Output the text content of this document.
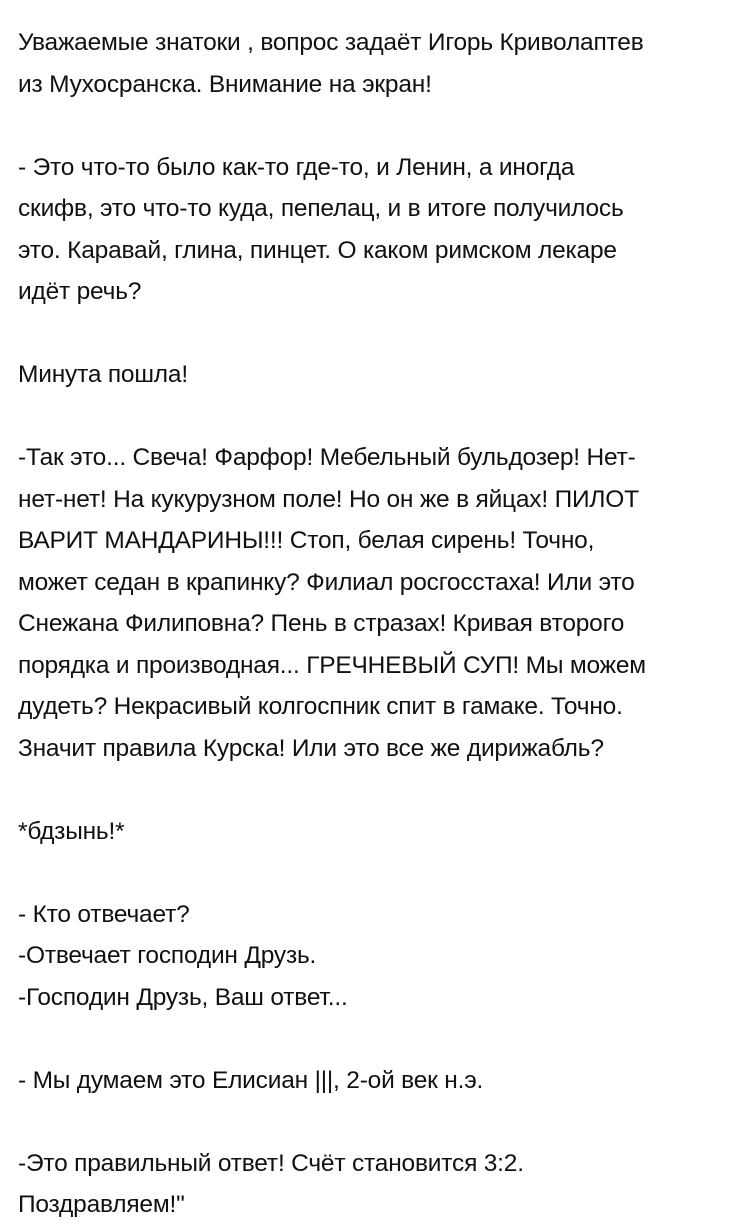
Уважаемые знатоки , вопрос задаёт Игорь Криволаптев
из Мухосранска. Внимание на экран!
- Это что-то было как-то где-то, и Ленин, а иногда
скифв, это что-то куда, пепелац, и в итоге получилось
это. Каравай, глина, пинцет. О каком римском лекаре
идёт речь?
Минута пошла!
-Так это... Свеча! Фарфор! Мебельный бульдозер! Нет-
нет-нет! На кукурузном поле! Но он же в яйцах! ПИЛОТ
ВАРИТ МАНДАРИНЫ!!! Стоп, белая сирень! Точно,
может седан в крапинку? Филиал росгосстаха! Или это
Снежана Филиповна? Пень в стразах! Кривая второго
порядка и производная... ГРЕЧНЕВЫЙ СУП! Мы можем
дудеть? Некрасивый колгоспник спит в гамаке. Точно.
Значит правила Курска! Или это все же дирижабль?
*бдзынь!*
- Кто отвечает?
-Отвечает господин Друзь.
-Господин Друзь, Ваш ответ...
- Мы думаем это Елисиан |||, 2-ой век н.э.
-Это правильный ответ! Счёт становится 3:2.
Поздравляем!"
